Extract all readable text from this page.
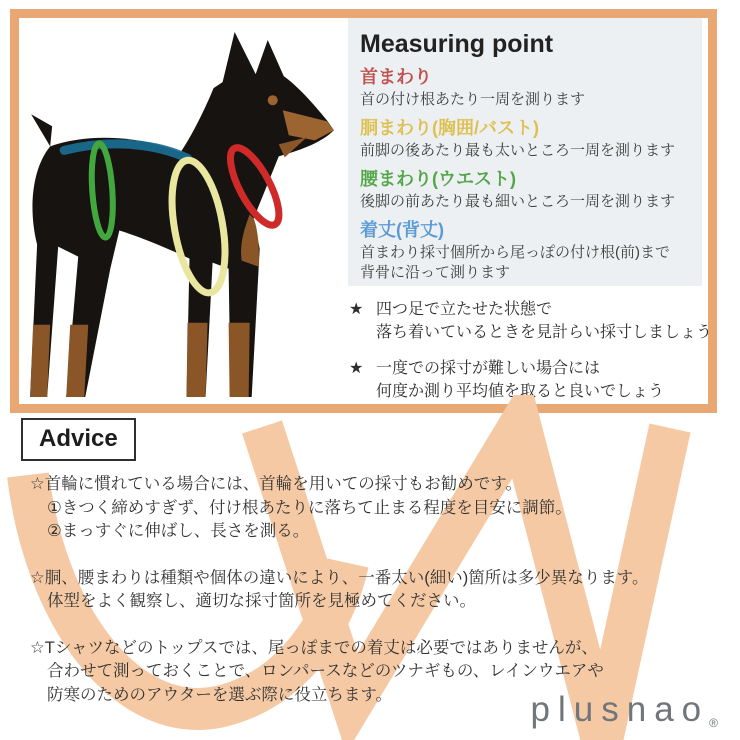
Measuring point
首まわり
首の付け根あたり一周を測ります
胴まわり(胸囲/バスト)
前脚の後あたり最も太いところ一周を測ります
腰まわり(ウエスト)
後脚の前あたり最も細いところ一周を測ります
着丈(背丈)
首まわり採寸個所から尾っぽの付け根(前)まで
背骨に沿って測ります
★ 四つ足で立たせた状態で
落ち着いているときを見計らい採寸しましょう
★ 一度での採寸が難しい場合には
何度か測り平均値を取ると良いでしょう
Advice
☆首輪に慣れている場合には、首輪を用いての採寸もお勧めです。
①きつく締めすぎず、付け根あたりに落ちて止まる程度を目安に調節。
②まっすぐに伸ばし、長さを測る。
☆胴、腰まわりは種類や個体の違いにより、一番太い(細い)箇所は多少異なります。
体型をよく観察し、適切な採寸箇所を見極めてください。
☆Tシャツなどのトップスでは、尾っぽまでの着丈は必要ではありませんが、
合わせて測っておくことで、ロンパースなどのツナギもの、レインウエアや
防寒のためのアウターを選ぶ際に役立ちます。	plusnao®
